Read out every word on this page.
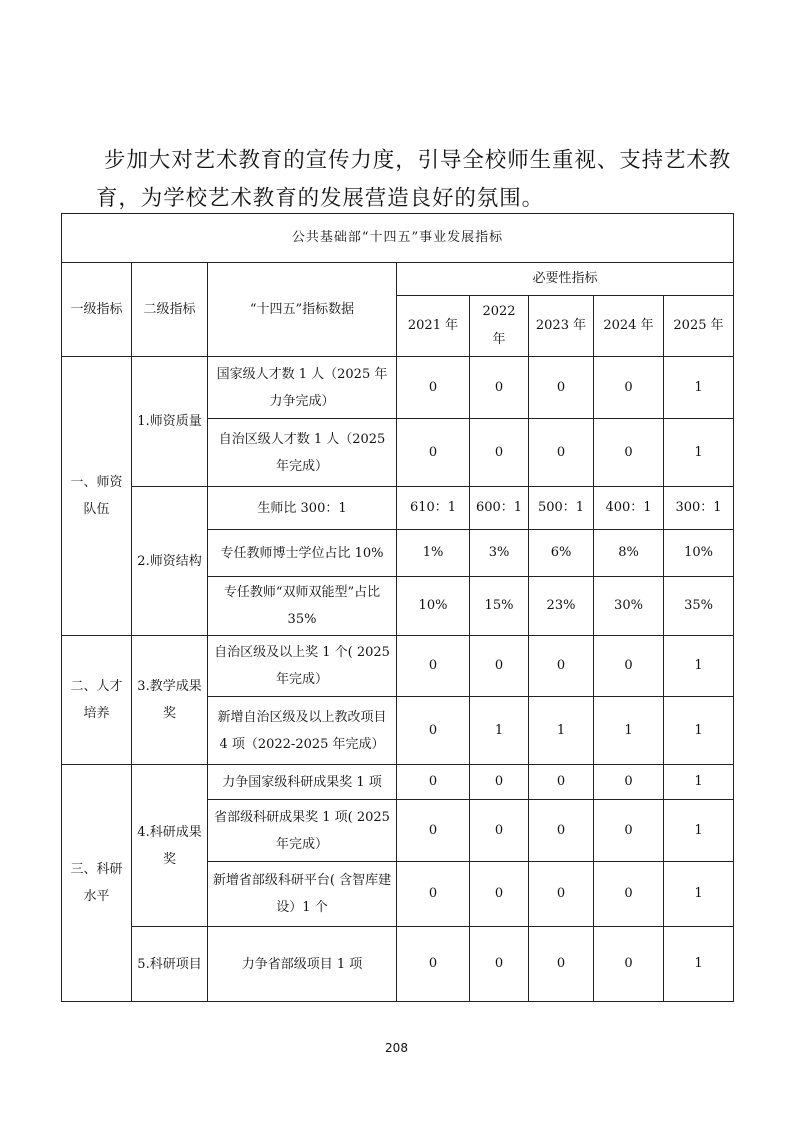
步加大对艺术教育的宣传力度，引导全校师生重视、支持艺术教
育，为学校艺术教育的发展营造良好的氛围。
公共基础部“十四五”事业发展指标							
一级指标	二级指标	“十四五”指标数据	必要性指标				
			2021 年	2022 年	2023 年	2024 年	2025 年
一、师资队伍	1.师资质量	国家级人才数 1 人（2025 年力争完成）	0	0	0	0	1
		自治区级人才数 1 人（2025 年完成）	0	0	0	0	1
	2.师资结构	生师比 300：1	610：1	600：1	500：1	400：1	300：1
		专任教师博士学位占比 10%	1%	3%	6%	8%	10%
		专任教师“双师双能型”占比 35%	10%	15%	23%	30%	35%
二、人才培养	3.教学成果奖	自治区级及以上奖 1 个( 2025 年完成）	0	0	0	0	1
		新增自治区级及以上教改项目 4 项（2022-2025 年完成）	0	1	1	1	1
三、科研水平	4.科研成果奖	力争国家级科研成果奖 1 项	0	0	0	0	1
		省部级科研成果奖 1 项( 2025 年完成）	0	0	0	0	1
		新增省部级科研平台( 含智库建设）1 个	0	0	0	0	1
	5.科研项目	力争省部级项目 1 项	0	0	0	0	1
208
